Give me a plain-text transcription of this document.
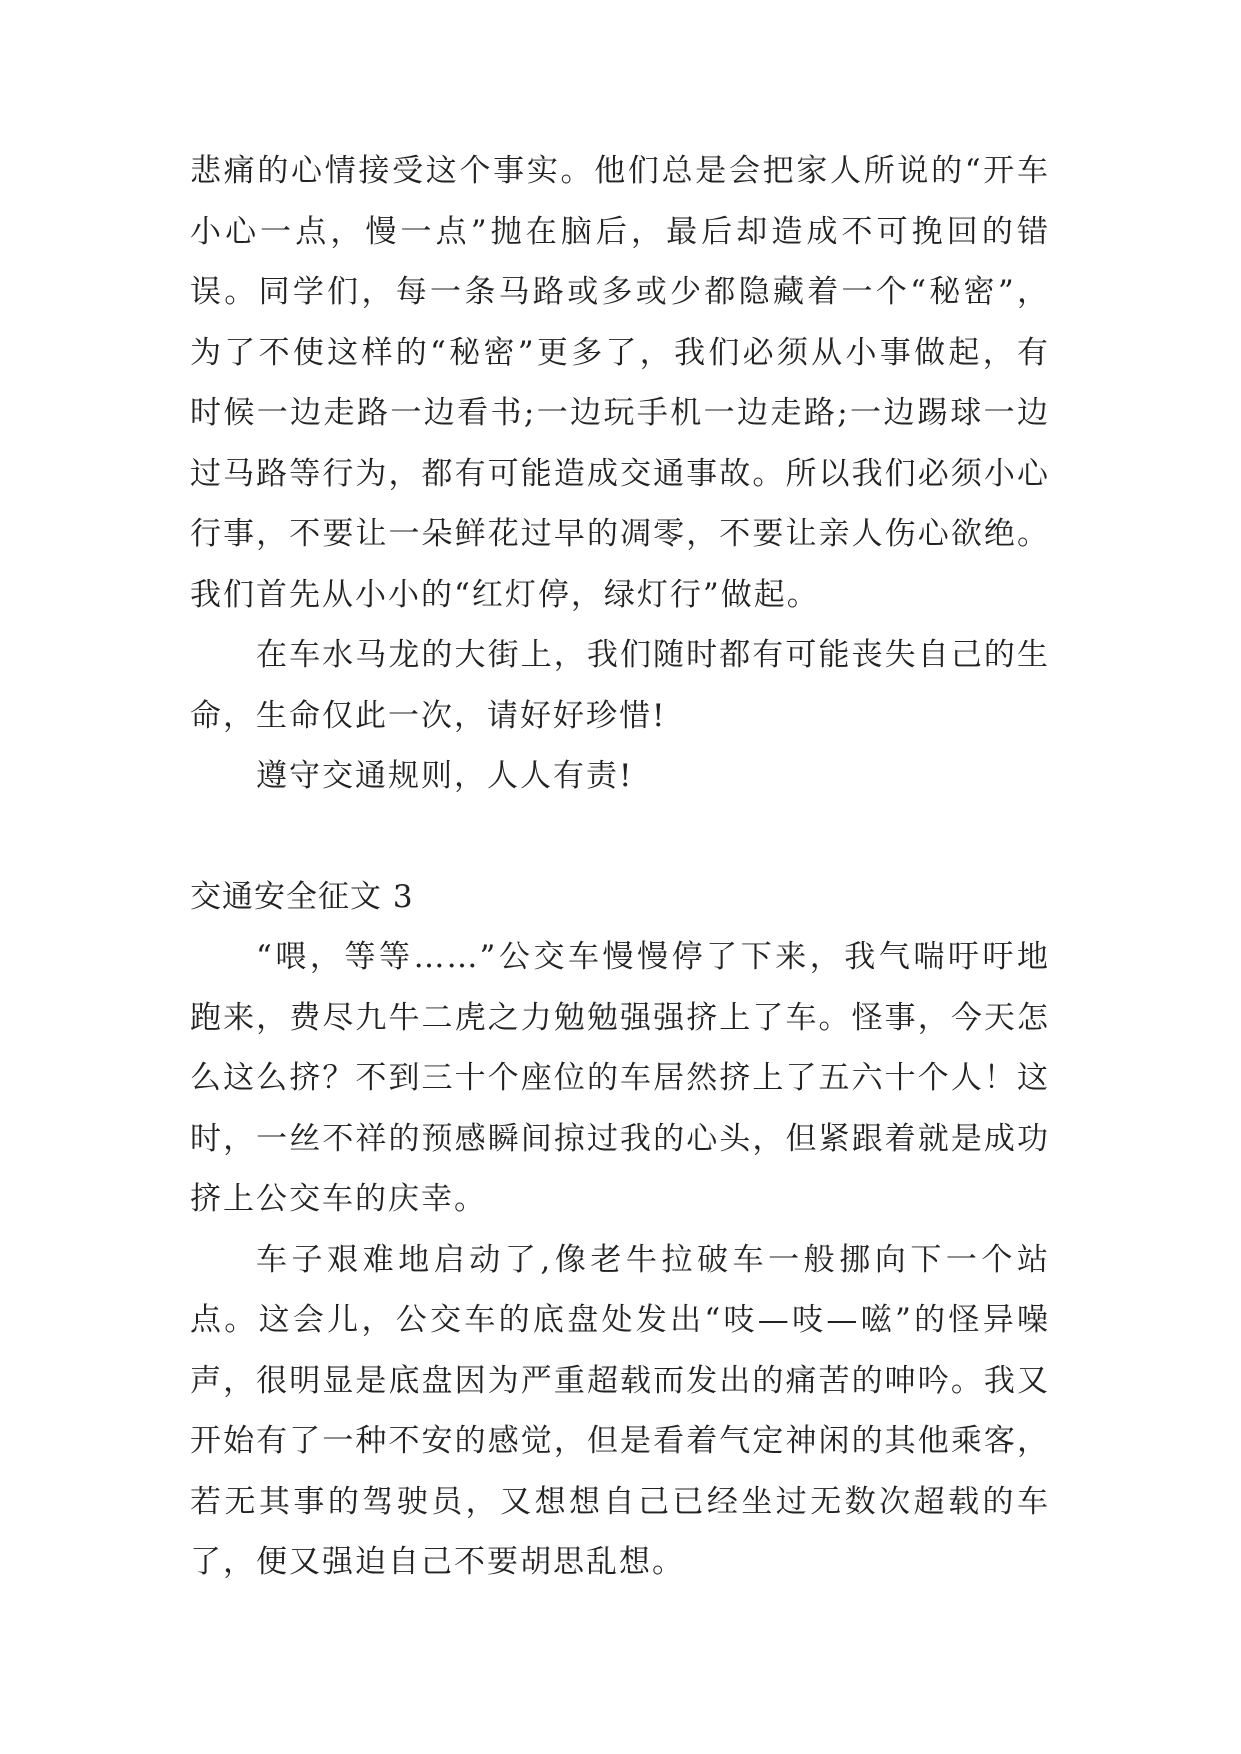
悲痛的心情接受这个事实。他们总是会把家人所说的“开车小心一点，慢一点”抛在脑后，最后却造成不可挽回的错误。同学们，每一条马路或多或少都隐藏着一个“秘密”，为了不使这样的“秘密”更多了，我们必须从小事做起，有时候一边走路一边看书;一边玩手机一边走路;一边踢球一边过马路等行为，都有可能造成交通事故。所以我们必须小心行事，不要让一朵鲜花过早的凋零，不要让亲人伤心欲绝。我们首先从小小的“红灯停，绿灯行”做起。

在车水马龙的大街上，我们随时都有可能丧失自己的生命，生命仅此一次，请好好珍惜!

遵守交通规则，人人有责!

交通安全征文 3

“喂，等等……”公交车慢慢停了下来，我气喘吁吁地跑来，费尽九牛二虎之力勉勉强强挤上了车。怪事，今天怎么这么挤？不到三十个座位的车居然挤上了五六十个人！这时，一丝不祥的预感瞬间掠过我的心头，但紧跟着就是成功挤上公交车的庆幸。

车子艰难地启动了,像老牛拉破车一般挪向下一个站点。这会儿，公交车的底盘处发出“吱—吱—嗞”的怪异噪声，很明显是底盘因为严重超载而发出的痛苦的呻吟。我又开始有了一种不安的感觉，但是看着气定神闲的其他乘客，若无其事的驾驶员，又想想自己已经坐过无数次超载的车了，便又强迫自己不要胡思乱想。
